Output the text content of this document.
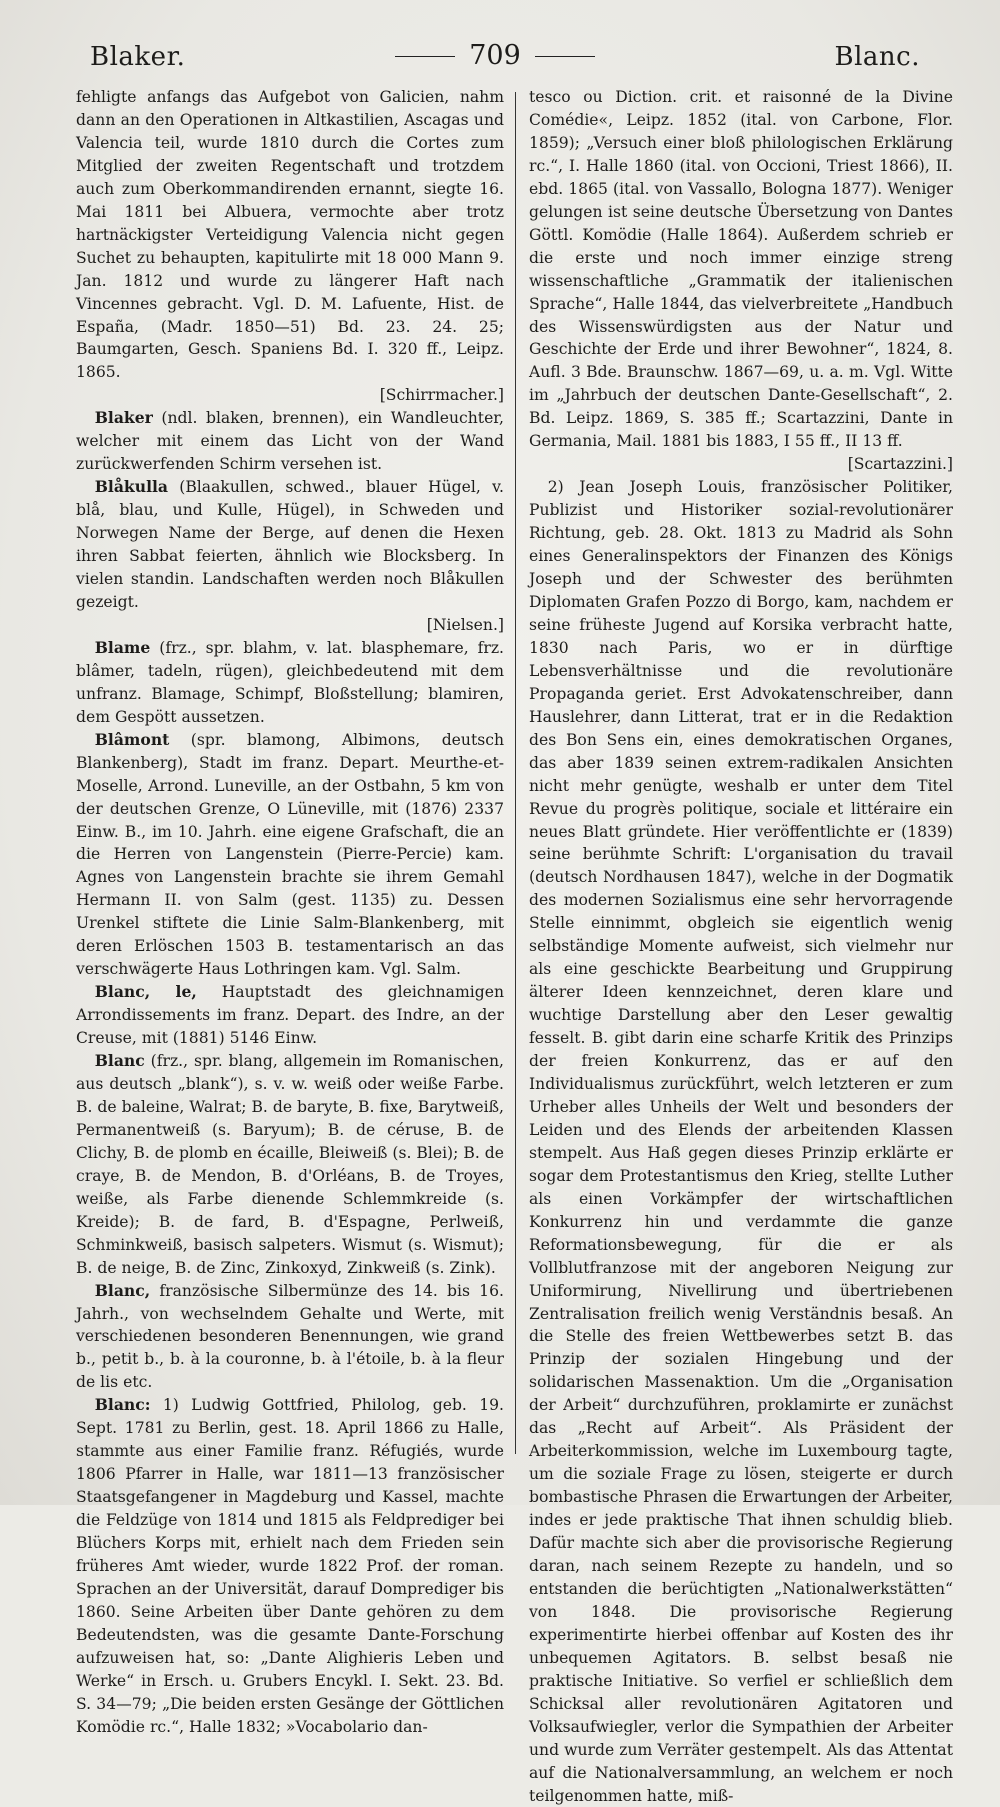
Blaker.	709	Blanc.

fehligte anfangs das Aufgebot von Galicien, nahm dann an den Operationen in Altkastilien, Ascagas und Valencia teil, wurde 1810 durch die Cortes zum Mitglied der zweiten Regentschaft und trotzdem auch zum Oberkommandirenden ernannt, siegte 16. Mai 1811 bei Albuera, vermochte aber trotz hartnäckigster Verteidigung Valencia nicht gegen Suchet zu behaupten, kapitulirte mit 18 000 Mann 9. Jan. 1812 und wurde zu längerer Haft nach Vincennes gebracht. Vgl. D. M. Lafuente, Hist. de España, (Madr. 1850—51) Bd. 23. 24. 25; Baumgarten, Gesch. Spaniens Bd. I. 320 ff., Leipz. 1865.
[Schirrmacher.]

Blaker (ndl. blaken, brennen), ein Wandleuchter, welcher mit einem das Licht von der Wand zurückwerfenden Schirm versehen ist.

Blåkulla (Blaakullen, schwed., blauer Hügel, v. blå, blau, und Kulle, Hügel), in Schweden und Norwegen Name der Berge, auf denen die Hexen ihren Sabbat feierten, ähnlich wie Blocksberg. In vielen standin. Landschaften werden noch Blåkullen gezeigt.
[Nielsen.]

Blame (frz., spr. blahm, v. lat. blasphemare, frz. blâmer, tadeln, rügen), gleichbedeutend mit dem unfranz. Blamage, Schimpf, Bloßstellung; blamiren, dem Gespött aussetzen.

Blâmont (spr. blamong, Albimons, deutsch Blankenberg), Stadt im franz. Depart. Meurthe-et-Moselle, Arrond. Luneville, an der Ostbahn, 5 km von der deutschen Grenze, O Lüneville, mit (1876) 2337 Einw. B., im 10. Jahrh. eine eigene Grafschaft, die an die Herren von Langenstein (Pierre-Percie) kam. Agnes von Langenstein brachte sie ihrem Gemahl Hermann II. von Salm (gest. 1135) zu. Dessen Urenkel stiftete die Linie Salm-Blankenberg, mit deren Erlöschen 1503 B. testamentarisch an das verschwägerte Haus Lothringen kam. Vgl. Salm.

Blanc, le, Hauptstadt des gleichnamigen Arrondissements im franz. Depart. des Indre, an der Creuse, mit (1881) 5146 Einw.

Blanc (frz., spr. blang, allgemein im Romanischen, aus deutsch „blank“), s. v. w. weiß oder weiße Farbe. B. de baleine, Walrat; B. de baryte, B. fixe, Barytweiß, Permanentweiß (s. Baryum); B. de céruse, B. de Clichy, B. de plomb en écaille, Bleiweiß (s. Blei); B. de craye, B. de Mendon, B. d'Orléans, B. de Troyes, weiße, als Farbe dienende Schlemmkreide (s. Kreide); B. de fard, B. d'Espagne, Perlweiß, Schminkweiß, basisch salpeters. Wismut (s. Wismut); B. de neige, B. de Zinc, Zinkoxyd, Zinkweiß (s. Zink).

Blanc, französische Silbermünze des 14. bis 16. Jahrh., von wechselndem Gehalte und Werte, mit verschiedenen besonderen Benennungen, wie grand b., petit b., b. à la couronne, b. à l'étoile, b. à la fleur de lis etc.

Blanc: 1) Ludwig Gottfried, Philolog, geb. 19. Sept. 1781 zu Berlin, gest. 18. April 1866 zu Halle, stammte aus einer Familie franz. Réfugiés, wurde 1806 Pfarrer in Halle, war 1811—13 französischer Staatsgefangener in Magdeburg und Kassel, machte die Feldzüge von 1814 und 1815 als Feldprediger bei Blüchers Korps mit, erhielt nach dem Frieden sein früheres Amt wieder, wurde 1822 Prof. der roman. Sprachen an der Universität, darauf Domprediger bis 1860. Seine Arbeiten über Dante gehören zu dem Bedeutendsten, was die gesamte Dante-Forschung aufzuweisen hat, so: „Dante Alighieris Leben und Werke“ in Ersch. u. Grubers Encykl. I. Sekt. 23. Bd. S. 34—79; „Die beiden ersten Gesänge der Göttlichen Komödie rc.“, Halle 1832; »Vocabolario dan-

tesco ou Diction. crit. et raisonné de la Divine Comédie«, Leipz. 1852 (ital. von Carbone, Flor. 1859); „Versuch einer bloß philologischen Erklärung rc.“, I. Halle 1860 (ital. von Occioni, Triest 1866), II. ebd. 1865 (ital. von Vassallo, Bologna 1877). Weniger gelungen ist seine deutsche Übersetzung von Dantes Göttl. Komödie (Halle 1864). Außerdem schrieb er die erste und noch immer einzige streng wissenschaftliche „Grammatik der italienischen Sprache“, Halle 1844, das vielverbreitete „Handbuch des Wissenswürdigsten aus der Natur und Geschichte der Erde und ihrer Bewohner“, 1824, 8. Aufl. 3 Bde. Braunschw. 1867—69, u. a. m. Vgl. Witte im „Jahrbuch der deutschen Dante-Gesellschaft“, 2. Bd. Leipz. 1869, S. 385 ff.; Scartazzini, Dante in Germania, Mail. 1881 bis 1883, I 55 ff., II 13 ff.
[Scartazzini.]

2) Jean Joseph Louis, französischer Politiker, Publizist und Historiker sozial-revolutionärer Richtung, geb. 28. Okt. 1813 zu Madrid als Sohn eines Generalinspektors der Finanzen des Königs Joseph und der Schwester des berühmten Diplomaten Grafen Pozzo di Borgo, kam, nachdem er seine früheste Jugend auf Korsika verbracht hatte, 1830 nach Paris, wo er in dürftige Lebensverhältnisse und die revolutionäre Propaganda geriet. Erst Advokatenschreiber, dann Hauslehrer, dann Litterat, trat er in die Redaktion des Bon Sens ein, eines demokratischen Organes, das aber 1839 seinen extrem-radikalen Ansichten nicht mehr genügte, weshalb er unter dem Titel Revue du progrès politique, sociale et littéraire ein neues Blatt gründete. Hier veröffentlichte er (1839) seine berühmte Schrift: L'organisation du travail (deutsch Nordhausen 1847), welche in der Dogmatik des modernen Sozialismus eine sehr hervorragende Stelle einnimmt, obgleich sie eigentlich wenig selbständige Momente aufweist, sich vielmehr nur als eine geschickte Bearbeitung und Gruppirung älterer Ideen kennzeichnet, deren klare und wuchtige Darstellung aber den Leser gewaltig fesselt. B. gibt darin eine scharfe Kritik des Prinzips der freien Konkurrenz, das er auf den Individualismus zurückführt, welch letzteren er zum Urheber alles Unheils der Welt und besonders der Leiden und des Elends der arbeitenden Klassen stempelt. Aus Haß gegen dieses Prinzip erklärte er sogar dem Protestantismus den Krieg, stellte Luther als einen Vorkämpfer der wirtschaftlichen Konkurrenz hin und verdammte die ganze Reformationsbewegung, für die er als Vollblutfranzose mit der angeboren Neigung zur Uniformirung, Nivellirung und übertriebenen Zentralisation freilich wenig Verständnis besaß. An die Stelle des freien Wettbewerbes setzt B. das Prinzip der sozialen Hingebung und der solidarischen Massenaktion. Um die „Organisation der Arbeit“ durchzuführen, proklamirte er zunächst das „Recht auf Arbeit“. Als Präsident der Arbeiterkommission, welche im Luxembourg tagte, um die soziale Frage zu lösen, steigerte er durch bombastische Phrasen die Erwartungen der Arbeiter, indes er jede praktische That ihnen schuldig blieb. Dafür machte sich aber die provisorische Regierung daran, nach seinem Rezepte zu handeln, und so entstanden die berüchtigten „Nationalwerkstätten“ von 1848. Die provisorische Regierung experimentirte hierbei offenbar auf Kosten des ihr unbequemen Agitators. B. selbst besaß nie praktische Initiative. So verfiel er schließlich dem Schicksal aller revolutionären Agitatoren und Volksaufwiegler, verlor die Sympathien der Arbeiter und wurde zum Verräter gestempelt. Als das Attentat auf die Nationalversammlung, an welchem er noch teilgenommen hatte, miß-
